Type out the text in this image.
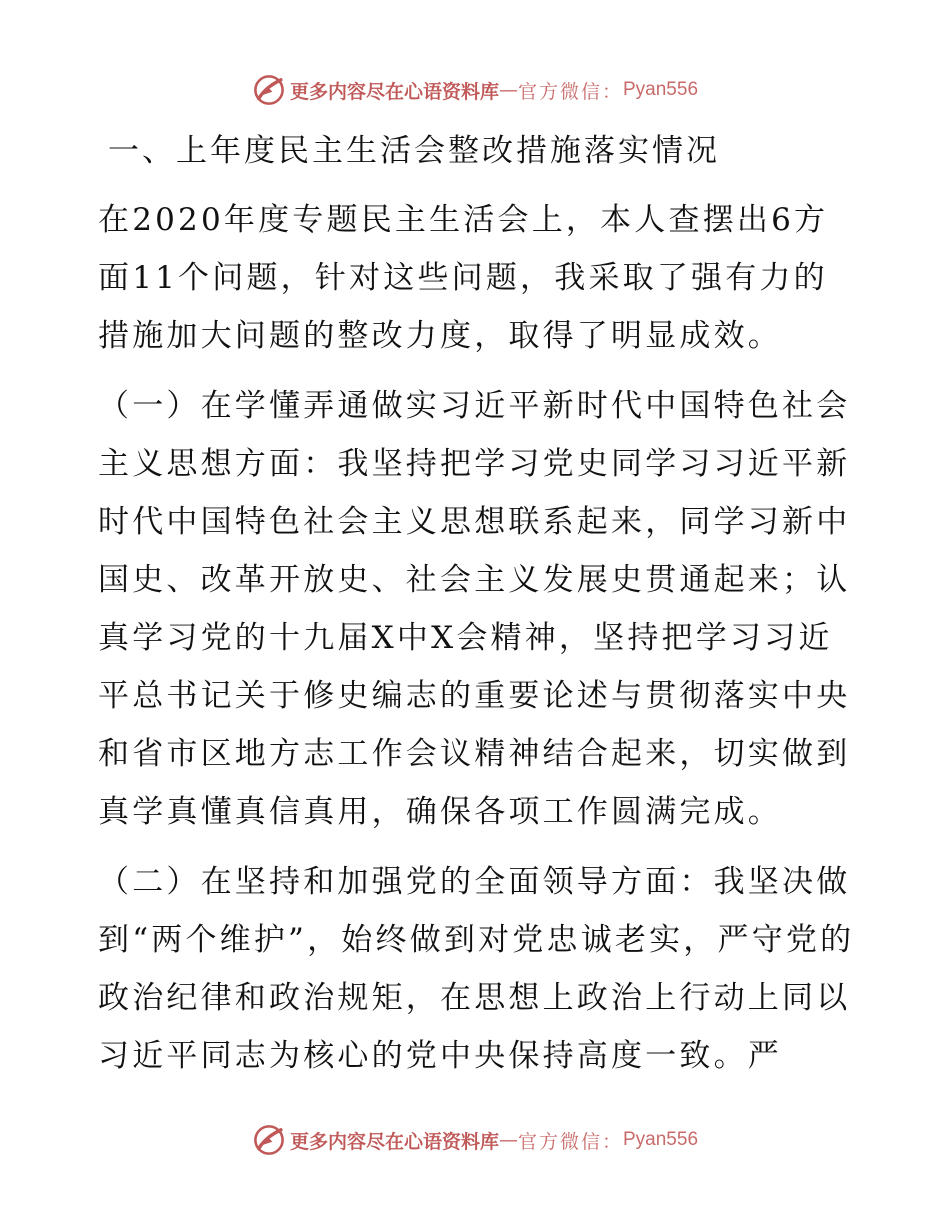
更多内容尽在心语资料库 — 官方微信： Pyan556
一、上年度民主生活会整改措施落实情况

在2020年度专题民主生活会上，本人查摆出6方面11个问题，针对这些问题，我采取了强有力的措施加大问题的整改力度，取得了明显成效。

（一）在学懂弄通做实习近平新时代中国特色社会主义思想方面：我坚持把学习党史同学习习近平新时代中国特色社会主义思想联系起来，同学习新中国史、改革开放史、社会主义发展史贯通起来；认真学习党的十九届X中X会精神，坚持把学习习近平总书记关于修史编志的重要论述与贯彻落实中央和省市区地方志工作会议精神结合起来，切实做到真学真懂真信真用，确保各项工作圆满完成。

（二）在坚持和加强党的全面领导方面：我坚决做到“两个维护”，始终做到对党忠诚老实，严守党的政治纪律和政治规矩，在思想上政治上行动上同以习近平同志为核心的党中央保持高度一致。严

更多内容尽在心语资料库 — 官方微信： Pyan556
